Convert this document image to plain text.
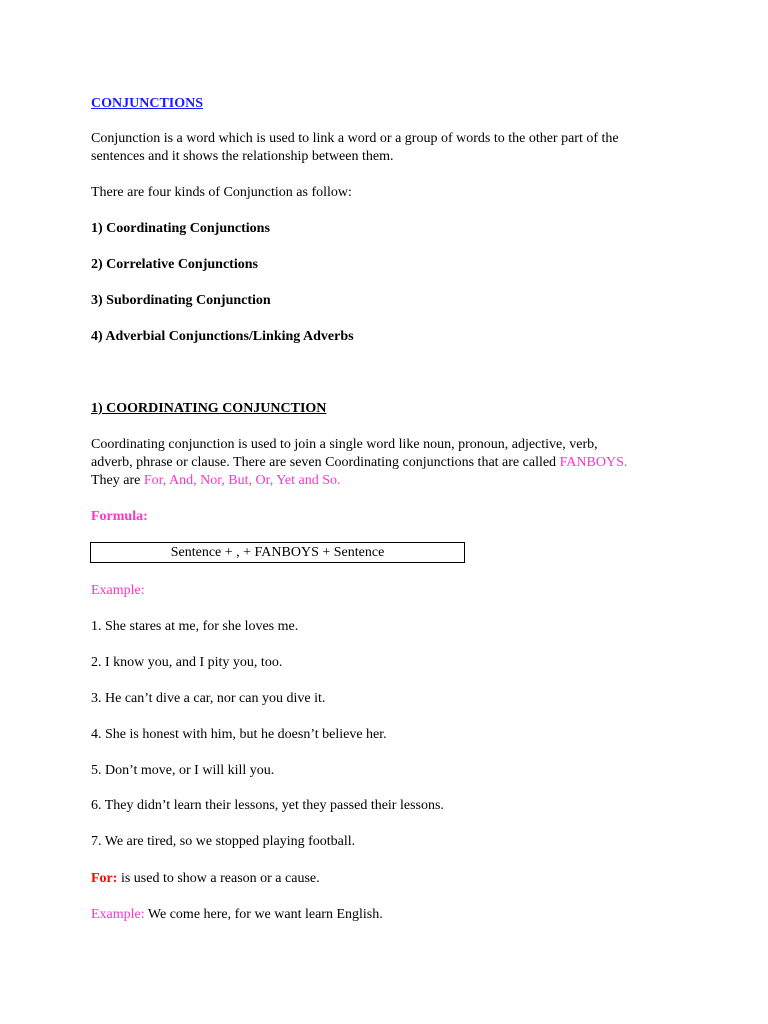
CONJUNCTIONS
Conjunction is a word which is used to link a word or a group of words to the other part of the
sentences and it shows the relationship between them.
There are four kinds of Conjunction as follow:
1) Coordinating Conjunctions
2) Correlative Conjunctions
3) Subordinating Conjunction
4) Adverbial Conjunctions/Linking Adverbs
1) COORDINATING CONJUNCTION
Coordinating conjunction is used to join a single word like noun, pronoun, adjective, verb,
adverb, phrase or clause. There are seven Coordinating conjunctions that are called FANBOYS.
They are For, And, Nor, But, Or, Yet and So.
Formula:
Sentence + , + FANBOYS + Sentence
Example:
1. She stares at me, for she loves me.
2. I know you, and I pity you, too.
3. He can’t dive a car, nor can you dive it.
4. She is honest with him, but he doesn’t believe her.
5. Don’t move, or I will kill you.
6. They didn’t learn their lessons, yet they passed their lessons.
7. We are tired, so we stopped playing football.
For: is used to show a reason or a cause.
Example: We come here, for we want learn English.
